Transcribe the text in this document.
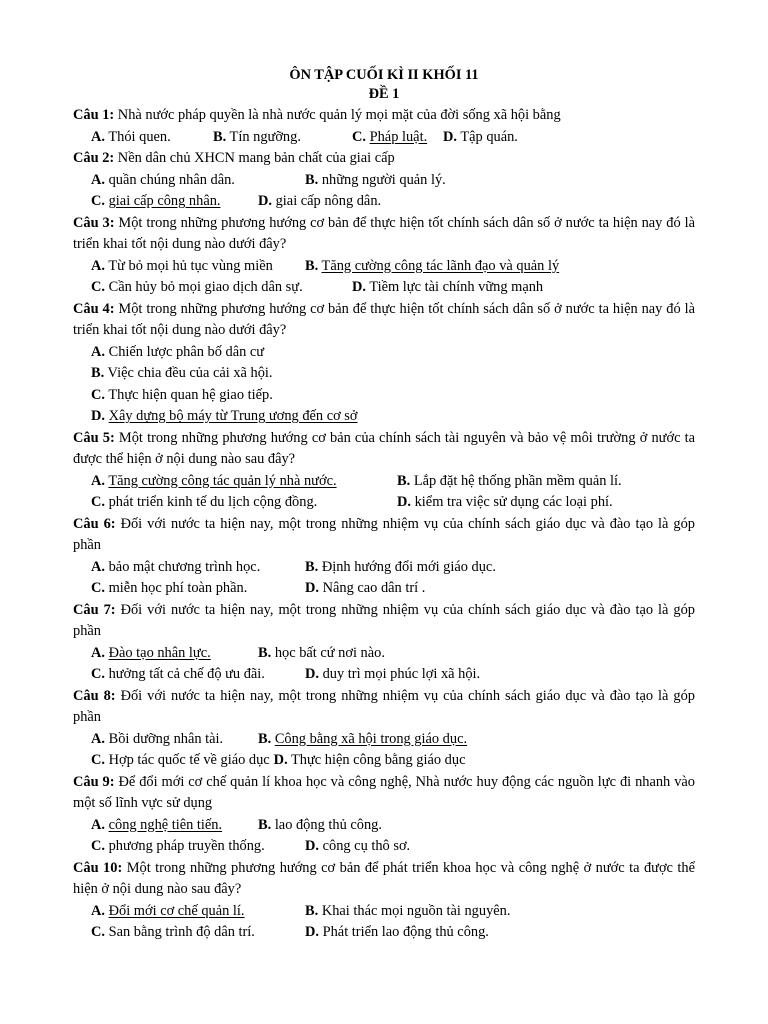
ÔN TẬP CUỐI KÌ II KHỐI 11
ĐỀ 1
Câu 1: Nhà nước pháp quyền là nhà nước quản lý mọi mặt của đời sống xã hội bằng
A. Thói quen.	B. Tín ngưỡng.	C. Pháp luật.	D. Tập quán.
Câu 2: Nền dân chủ XHCN mang bản chất của giai cấp
A. quần chúng nhân dân.	B. những người quản lý.
C. giai cấp công nhân.	D. giai cấp nông dân.
Câu 3: Một trong những phương hướng cơ bản để thực hiện tốt chính sách dân số ở nước ta hiện nay đó là triển khai tốt nội dung nào dưới đây?
A. Từ bỏ mọi hủ tục vùng miền	B. Tăng cường công tác lãnh đạo và quản lý
C. Cần hủy bỏ mọi giao dịch dân sự.	D. Tiềm lực tài chính vững mạnh
Câu 4: Một trong những phương hướng cơ bản để thực hiện tốt chính sách dân số ở nước ta hiện nay đó là triển khai tốt nội dung nào dưới đây?
A. Chiến lược phân bố dân cư
B. Việc chia đều của cải xã hội.
C. Thực hiện quan hệ giao tiếp.
D. Xây dựng bộ máy từ Trung ương đến cơ sở
Câu 5: Một trong những phương hướng cơ bản của chính sách tài nguyên và bảo vệ môi trường ở nước ta được thể hiện ở nội dung nào sau đây?
A. Tăng cường công tác quản lý nhà nước.	B. Lắp đặt hệ thống phần mềm quản lí.
C. phát triển kinh tế du lịch cộng đồng.	D. kiểm tra việc sử dụng các loại phí.
Câu 6: Đối với nước ta hiện nay, một trong những nhiệm vụ của chính sách giáo dục và đào tạo là góp phần
A. bảo mật chương trình học.	B. Định hướng đổi mới giáo dục.
C. miễn học phí toàn phần.	D. Nâng cao dân trí .
Câu 7: Đối với nước ta hiện nay, một trong những nhiệm vụ của chính sách giáo dục và đào tạo là góp phần
A. Đào tạo nhân lực.	B. học bất cứ nơi nào.
C. hưởng tất cả chế độ ưu đãi.	D. duy trì mọi phúc lợi xã hội.
Câu 8: Đối với nước ta hiện nay, một trong những nhiệm vụ của chính sách giáo dục và đào tạo là góp phần
A. Bồi dưỡng nhân tài.	B. Công bằng xã hội trong giáo dục.
C. Hợp tác quốc tế về giáo dục D. Thực hiện công bằng giáo dục
Câu 9: Để đổi mới cơ chế quản lí khoa học và công nghệ, Nhà nước huy động các nguồn lực đi nhanh vào một số lĩnh vực sử dụng
A. công nghệ tiên tiến.	B. lao động thủ công.
C. phương pháp truyền thống.	D. công cụ thô sơ.
Câu 10: Một trong những phương hướng cơ bản để phát triển khoa học và công nghệ ở nước ta được thể hiện ở nội dung nào sau đây?
A. Đổi mới cơ chế quản lí.	B. Khai thác mọi nguồn tài nguyên.
C. San bằng trình độ dân trí.	D. Phát triển lao động thủ công.
